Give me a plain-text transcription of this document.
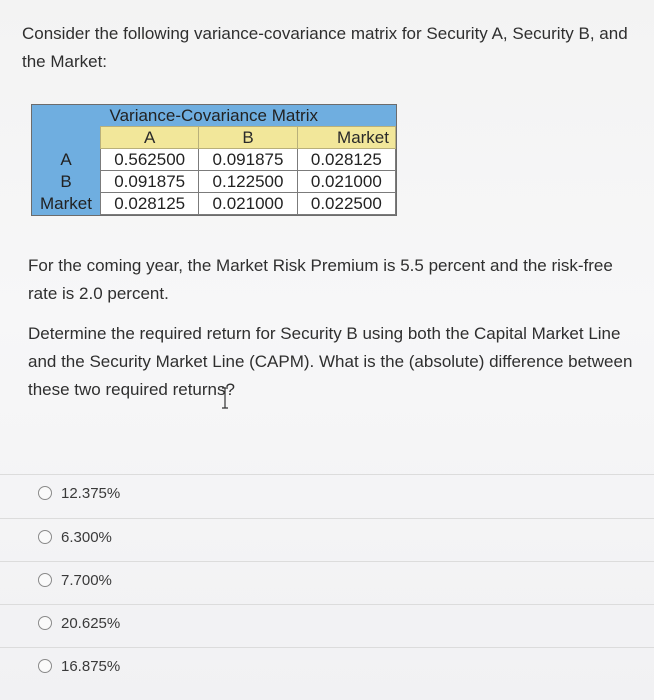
Consider the following variance-covariance matrix for Security A, Security B, and the Market:
Variance-Covariance Matrix			
	A	B	Market
A	0.562500	0.091875	0.028125
B	0.091875	0.122500	0.021000
Market	0.028125	0.021000	0.022500
For the coming year, the Market Risk Premium is 5.5 percent and the risk-free rate is 2.0 percent.
Determine the required return for Security B using both the Capital Market Line and the Security Market Line (CAPM). What is the (absolute) difference between these two required returns?
12.375%
6.300%
7.700%
20.625%
16.875%
